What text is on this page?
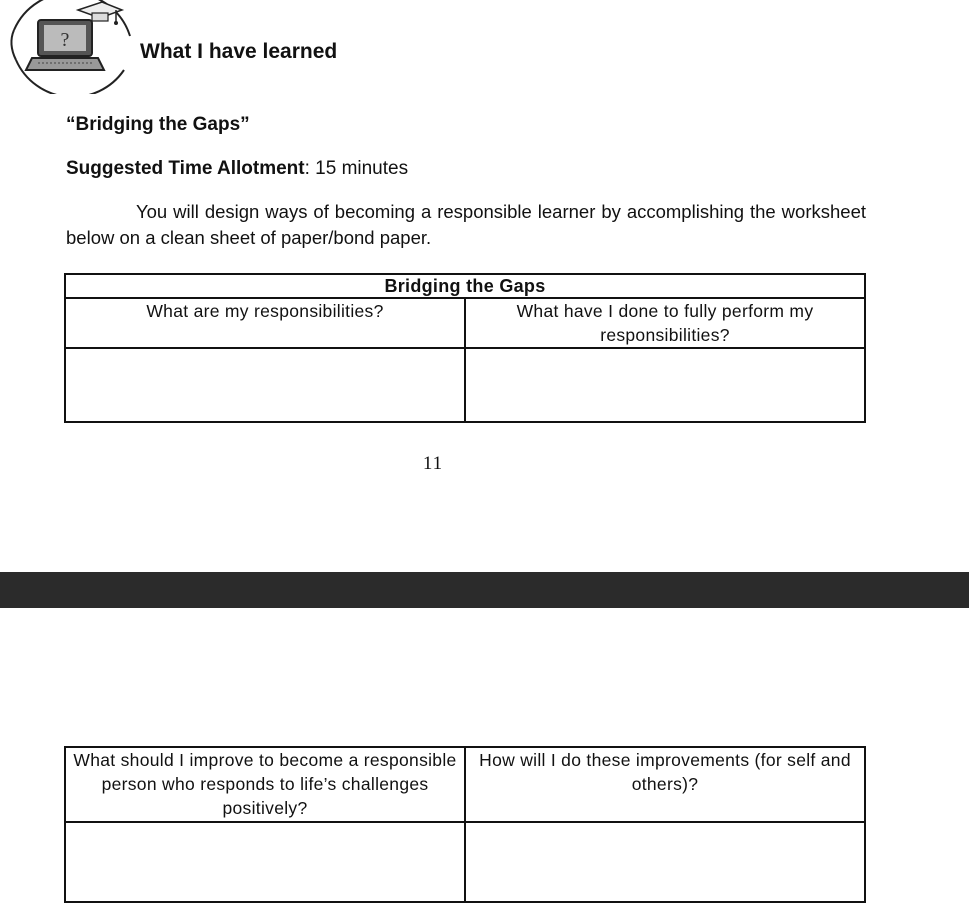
?	What I have learned
“Bridging the Gaps”
Suggested Time Allotment: 15 minutes
You will design ways of becoming a responsible learner by accomplishing the worksheet below on a clean sheet of paper/bond paper.
Bridging the Gaps	
What are my responsibilities?	What have I done to fully perform my responsibilities?

11
What should I improve to become a responsible person who responds to life’s challenges positively?	How will I do these improvements (for self and others)?
